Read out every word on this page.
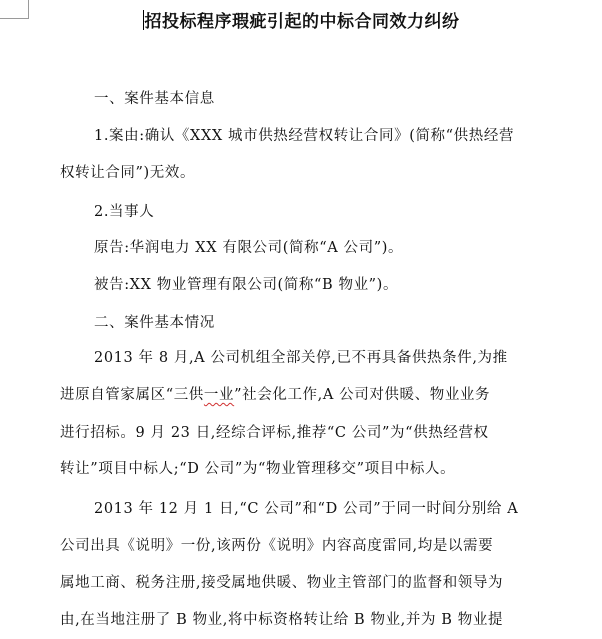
招投标程序瑕疵引起的中标合同效力纠纷
一、案件基本信息
1.案由:确认《XXX 城市供热经营权转让合同》(简称“供热经营
权转让合同”)无效。
2.当事人
原告:华润电力 XX 有限公司(简称“A 公司”)。
被告:XX 物业管理有限公司(简称“B 物业”)。
二、案件基本情况
2013 年 8 月,A 公司机组全部关停,已不再具备供热条件,为推
进原自管家属区“三供一业”社会化工作,A 公司对供暖、物业业务
进行招标。9 月 23 日,经综合评标,推荐“C 公司”为“供热经营权
转让”项目中标人;“D 公司”为“物业管理移交”项目中标人。
2013 年 12 月 1 日,“C 公司”和“D 公司”于同一时间分别给 A
公司出具《说明》一份,该两份《说明》内容高度雷同,均是以需要
属地工商、税务注册,接受属地供暖、物业主管部门的监督和领导为
由,在当地注册了 B 物业,将中标资格转让给 B 物业,并为 B 物业提
